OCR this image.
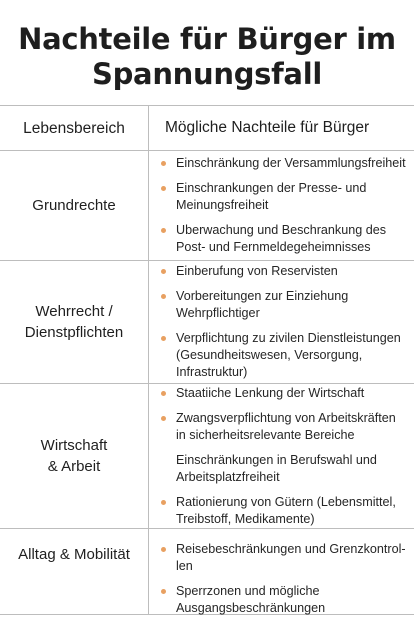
Nachteile für Bürger im
Spannungsfall
Lebensbereich	Mögliche Nachteile für Bürger
Grundrechte
Einschränkung der Versammlungsfreiheit
Einschrankungen der Presse- und
Meinungsfreiheit
Uberwachung und Beschrankung des
Post- und Fernmeldegeheimnisses
Wehrrecht /
Dienstpflichten
Einberufung von Reservisten
Vorbereitungen zur Einziehung
Wehrpflichtiger
Verpflichtung zu zivilen Dienstleistungen
(Gesundheitswesen, Versorgung,
Infrastruktur)
Wirtschaft
& Arbeit
Staatiiche Lenkung der Wirtschaft
Zwangsverpflichtung von Arbeitskräften
in sicherheitsrelevante Bereiche
Einschränkungen in Berufswahl und
Arbeitsplatzfreiheit
Rationierung von Gütern (Lebensmittel,
Treibstoff, Medikamente)
Alltag & Mobilität	Reisebeschränkungen und Grenzkontrol-
len
Sperrzonen und mögliche
Ausgangsbeschränkungen
